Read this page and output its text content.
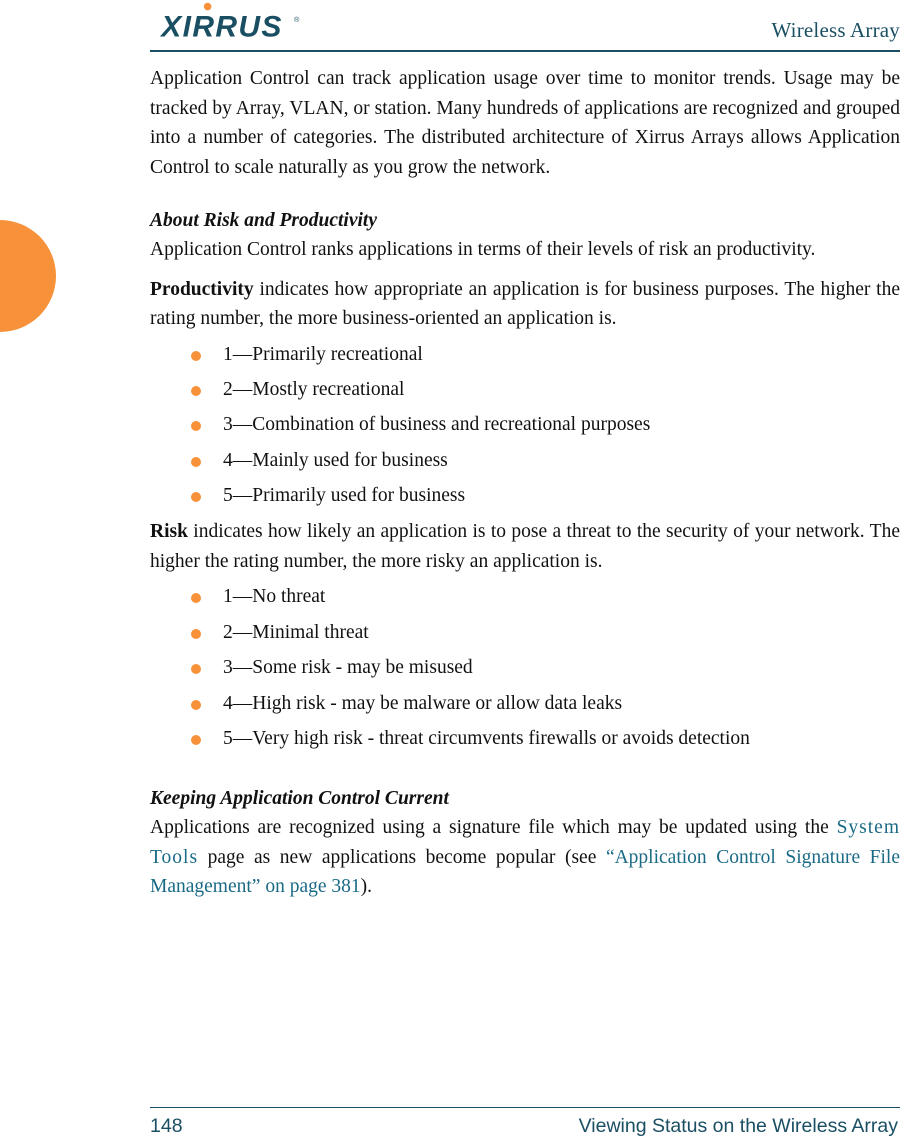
XIRRUS ®	Wireless Array

Application Control can track application usage over time to monitor trends. Usage may be tracked by Array, VLAN, or station. Many hundreds of applications are recognized and grouped into a number of categories. The distributed architecture of Xirrus Arrays allows Application Control to scale naturally as you grow the network.

About Risk and Productivity

Application Control ranks applications in terms of their levels of risk an productivity.

Productivity indicates how appropriate an application is for business purposes. The higher the rating number, the more business-oriented an application is.

1—Primarily recreational
2—Mostly recreational
3—Combination of business and recreational purposes
4—Mainly used for business
5—Primarily used for business

Risk indicates how likely an application is to pose a threat to the security of your network. The higher the rating number, the more risky an application is.

1—No threat
2—Minimal threat
3—Some risk - may be misused
4—High risk - may be malware or allow data leaks
5—Very high risk - threat circumvents firewalls or avoids detection

Keeping Application Control Current

Applications are recognized using a signature file which may be updated using the System Tools page as new applications become popular (see “Application Control Signature File Management” on page 381).

148	Viewing Status on the Wireless Array
